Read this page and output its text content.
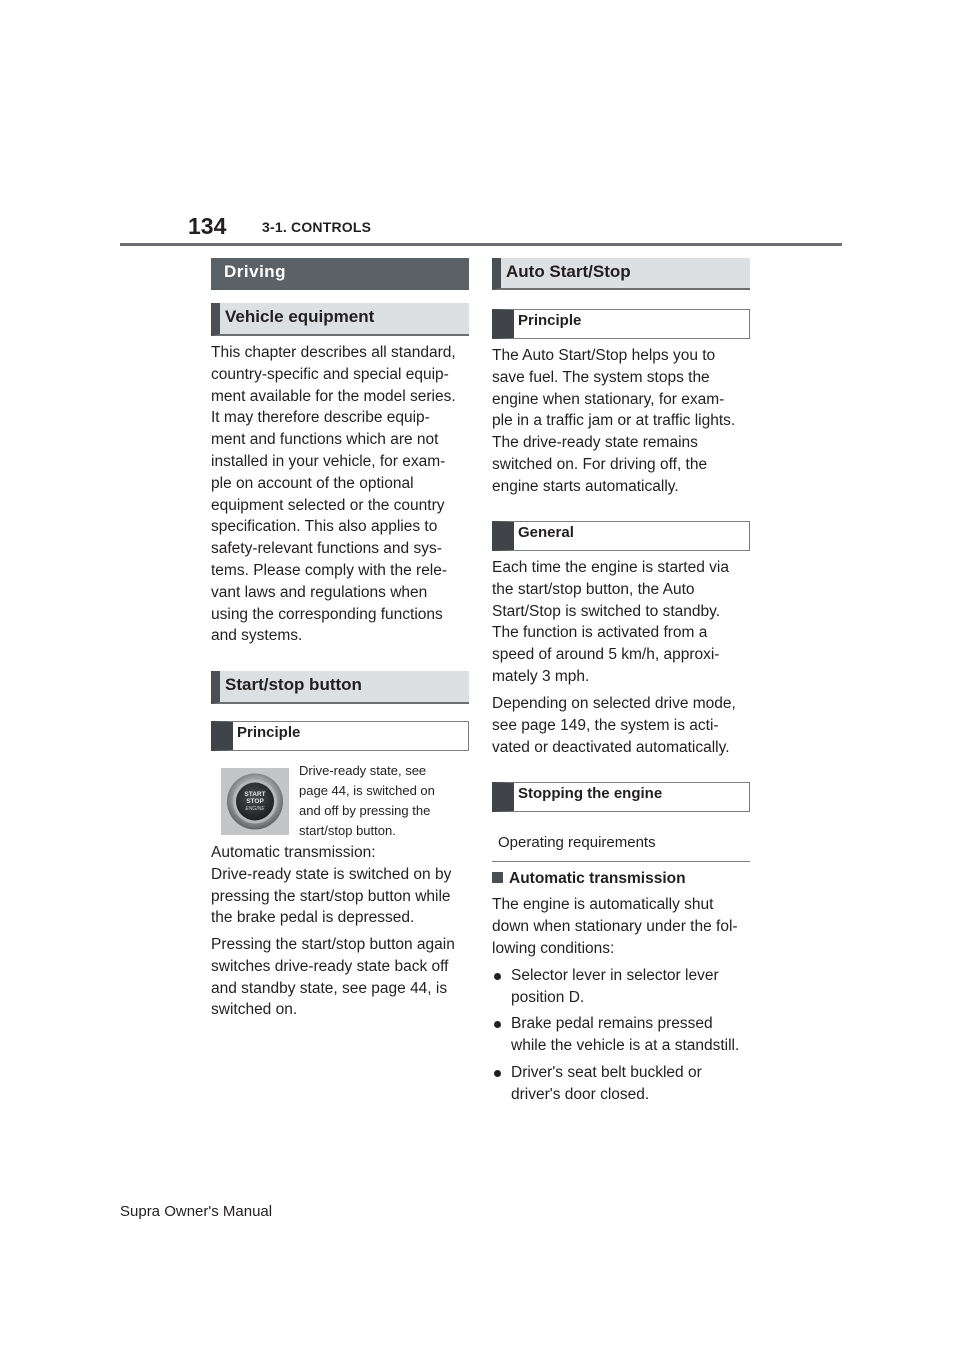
134	3-1. CONTROLS
Driving
Vehicle equipment
This chapter describes all standard,
country-specific and special equip-
ment available for the model series.
It may therefore describe equip-
ment and functions which are not
installed in your vehicle, for exam-
ple on account of the optional
equipment selected or the country
specification. This also applies to
safety-relevant functions and sys-
tems. Please comply with the rele-
vant laws and regulations when
using the corresponding functions
and systems.
Start/stop button
Principle
START
STOP
ENGINE
Drive-ready state, see
page 44, is switched on
and off by pressing the
start/stop button.
Automatic transmission:
Drive-ready state is switched on by
pressing the start/stop button while
the brake pedal is depressed.
Pressing the start/stop button again
switches drive-ready state back off
and standby state, see page 44, is
switched on.
Auto Start/Stop
Principle
The Auto Start/Stop helps you to
save fuel. The system stops the
engine when stationary, for exam-
ple in a traffic jam or at traffic lights.
The drive-ready state remains
switched on. For driving off, the
engine starts automatically.
General
Each time the engine is started via
the start/stop button, the Auto
Start/Stop is switched to standby.
The function is activated from a
speed of around 5 km/h, approxi-
mately 3 mph.
Depending on selected drive mode,
see page 149, the system is acti-
vated or deactivated automatically.
Stopping the engine
Operating requirements
Automatic transmission
The engine is automatically shut
down when stationary under the fol-
lowing conditions:
Selector lever in selector lever
position D.
Brake pedal remains pressed
while the vehicle is at a standstill.
Driver's seat belt buckled or
driver's door closed.
Supra Owner's Manual
